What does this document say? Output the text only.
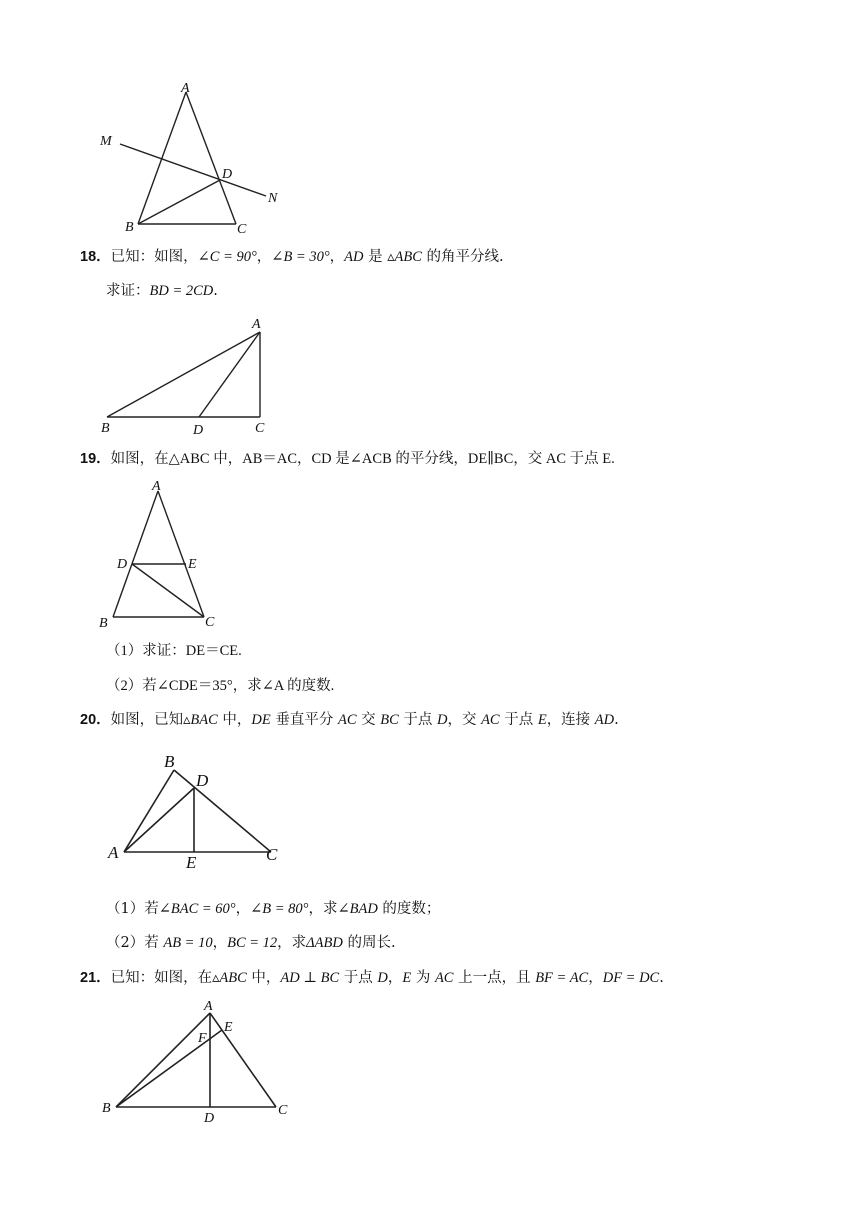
A
M
D
N
B	C
18．已知：如图，∠C = 90°，∠B = 30°，AD 是 ▵ABC 的角平分线.
求证：BD = 2CD.
A
B	D	C
19．如图，在△ABC 中，AB＝AC，CD 是∠ACB 的平分线，DE∥BC，交 AC 于点 E.
A
D	E
B	C
（1）求证：DE＝CE.
（2）若∠CDE＝35°，求∠A 的度数.
20．如图，已知▵BAC 中，DE 垂直平分 AC 交 BC 于点 D，交 AC 于点 E，连接 AD.
B
D
A
E	C
（1）若∠BAC = 60°，∠B = 80°，求∠BAD 的度数；
（2）若 AB = 10，BC = 12，求ΔABD 的周长.
21．已知：如图，在▵ABC 中，AD ⊥ BC 于点 D，E 为 AC 上一点，且 BF = AC，DF = DC.
A
E
F
B
D
C
